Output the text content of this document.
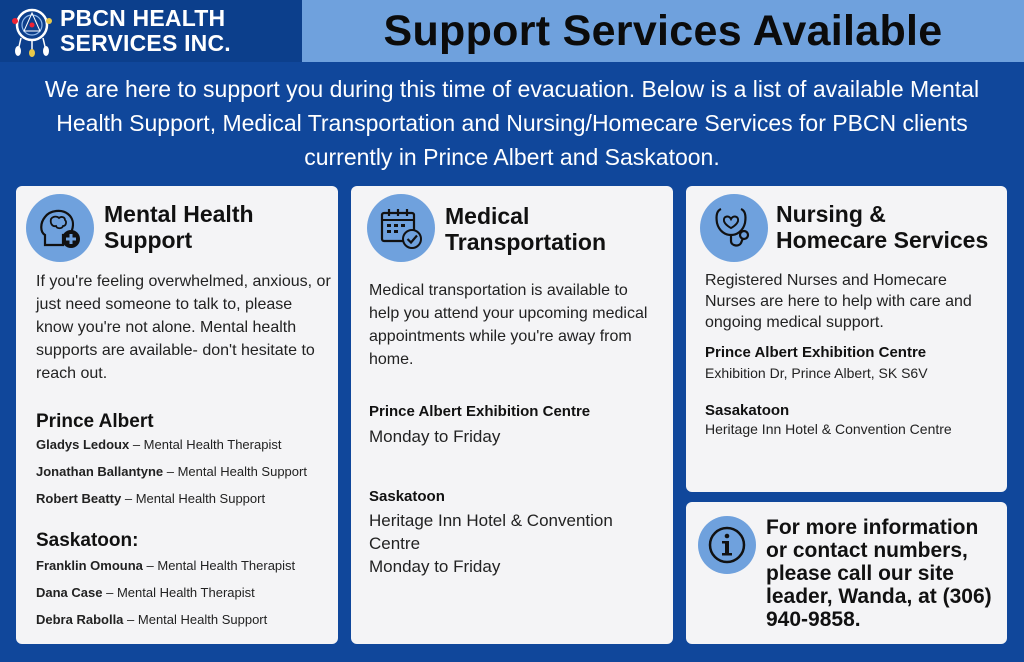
PBCN HEALTH
SERVICES INC.	Support Services Available
We are here to support you during this time of evacuation. Below is a list of available Mental Health Support, Medical Transportation and Nursing/Homecare Services for PBCN clients currently in Prince Albert and Saskatoon.
Mental Health
Support
If you're feeling overwhelmed, anxious, or just need someone to talk to, please know you're not alone. Mental health supports are available- don't hesitate to reach out.
Prince Albert
Gladys Ledoux – Mental Health Therapist
Jonathan Ballantyne – Mental Health Support
Robert Beatty – Mental Health Support
Saskatoon:
Franklin Omouna – Mental Health Therapist
Dana Case – Mental Health Therapist
Debra Rabolla – Mental Health Support
Medical
Transportation
Medical transportation is available to help you attend your upcoming medical appointments while you're away from home.
Prince Albert Exhibition Centre
Monday to Friday
Saskatoon
Heritage Inn Hotel & Convention Centre
Monday to Friday
Nursing &
Homecare Services
Registered Nurses and Homecare Nurses are here to help with care and ongoing medical support.
Prince Albert Exhibition Centre
Exhibition Dr, Prince Albert, SK S6V
Sasakatoon
Heritage Inn Hotel & Convention Centre
For more information or contact numbers, please call our site leader, Wanda, at (306) 940-9858.
